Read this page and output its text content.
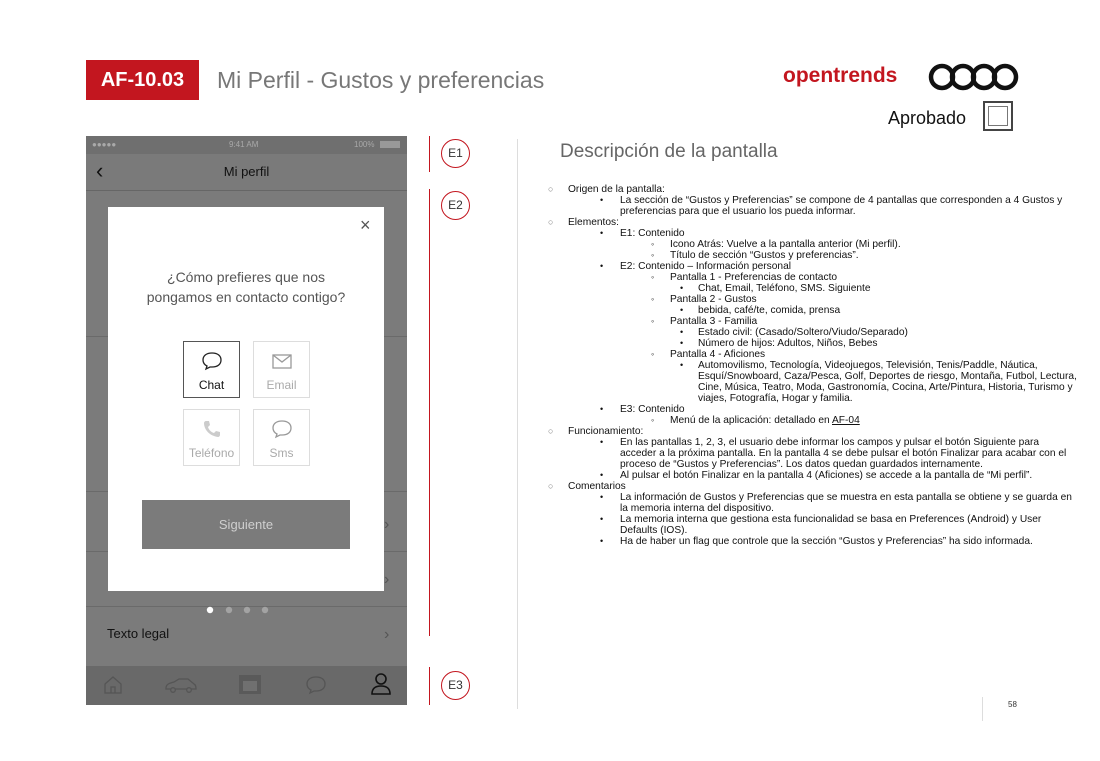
AF-10.03	Mi Perfil - Gustos y preferencias	opentrends
Aprobado
●●●●●	9:41 AM	100%
‹	Mi perfil
›
›
Texto legal	›
×
¿Cómo prefieres que nos
pongamos en contacto contigo?
Chat	Email
Teléfono	Sms
Siguiente
E1
E2
E3
Descripción de la pantalla
○ Origen de la pantalla:
• La sección de “Gustos y Preferencias” se compone de 4 pantallas que corresponden a 4 Gustos y preferencias para que el usuario los pueda informar.
○ Elementos:
• E1: Contenido
◦ Icono Atrás: Vuelve a la pantalla anterior (Mi perfil).
◦ Título de sección “Gustos y preferencias”.
• E2: Contenido – Información personal
◦ Pantalla 1 - Preferencias de contacto
• Chat, Email, Teléfono, SMS. Siguiente
◦ Pantalla 2 - Gustos
• bebida, café/te, comida, prensa
◦ Pantalla 3 - Familia
• Estado civil: (Casado/Soltero/Viudo/Separado)
• Número de hijos: Adultos, Niños, Bebes
◦ Pantalla 4 - Aficiones
• Automovilismo, Tecnología, Videojuegos, Televisión, Tenis/Paddle, Náutica, Esquí/Snowboard, Caza/Pesca, Golf, Deportes de riesgo, Montaña, Futbol, Lectura, Cine, Música, Teatro, Moda, Gastronomía, Cocina, Arte/Pintura, Historia, Turismo y viajes, Fotografía, Hogar y familia.
• E3: Contenido
◦ Menú de la aplicación: detallado en AF-04
○ Funcionamiento:
• En las pantallas 1, 2, 3, el usuario debe informar los campos y pulsar el botón Siguiente para acceder a la próxima pantalla. En la pantalla 4 se debe pulsar el botón Finalizar para acabar con el proceso de “Gustos y Preferencias”. Los datos quedan guardados internamente.
• Al pulsar el botón Finalizar en la pantalla 4 (Aficiones) se accede a la pantalla de “Mi perfil”.
○ Comentarios
• La información de Gustos y Preferencias que se muestra en esta pantalla se obtiene y se guarda en la memoria interna del dispositivo.
• La memoria interna que gestiona esta funcionalidad se basa en Preferences (Android) y User Defaults (IOS).
• Ha de haber un flag que controle que la sección “Gustos y Preferencias” ha sido informada.
58
